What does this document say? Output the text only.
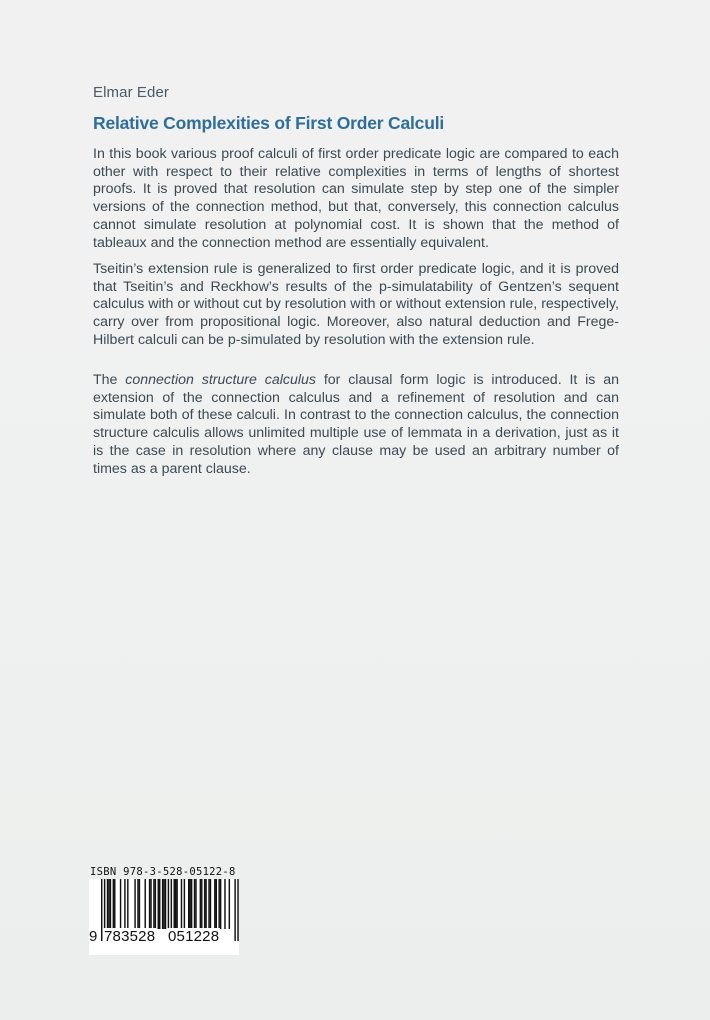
Elmar Eder
Relative Complexities of First Order Calculi
In this book various proof calculi of first order predicate logic are compared to each other with respect to their relative complexities in terms of lengths of shortest proofs. It is proved that resolution can simulate step by step one of the simpler versions of the connection method, but that, conversely, this connection calculus cannot simulate resolution at polynomial cost. It is shown that the method of tableaux and the connection method are essentially equivalent.
Tseitin’s extension rule is generalized to first order predicate logic, and it is proved that Tseitin’s and Reckhow’s results of the p-simulatability of Gentzen’s sequent calculus with or without cut by resolution with or without extension rule, respectively, carry over from propositional logic. Moreover, also natural deduction and Frege-Hilbert calculi can be p-simulated by resolution with the extension rule.
The connection structure calculus for clausal form logic is introduced. It is an extension of the connection calculus and a refinement of resolution and can simulate both of these calculi. In contrast to the connection calculus, the connection structure calculis allows unlimited multiple use of lemmata in a derivation, just as it is the case in resolution where any clause may be used an arbitrary number of times as a parent clause.
ISBN 978-3-528-05122-8
9 783528 051228
